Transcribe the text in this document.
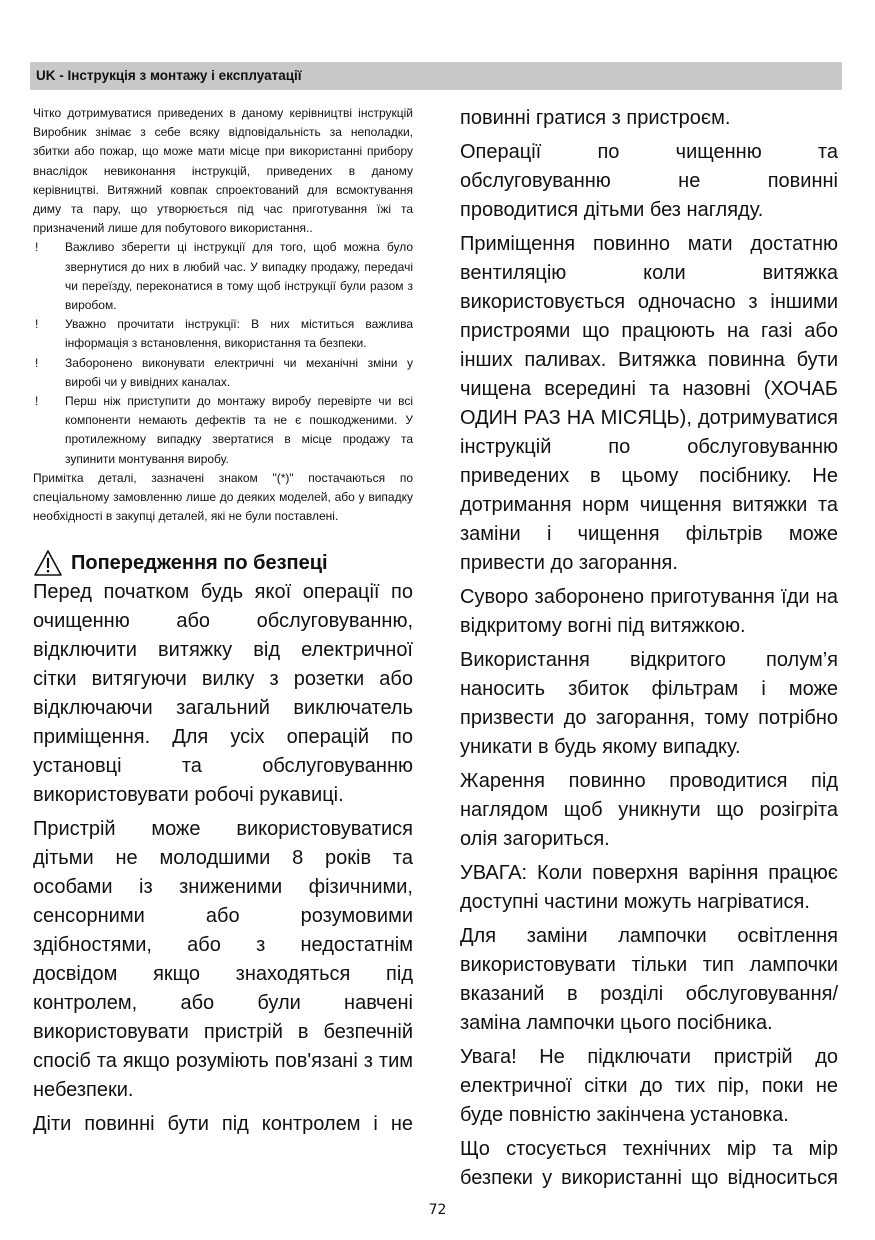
UK - Інструкція з монтажу і експлуатації

Чітко дотримуватися приведених в даному керівництві інструкцій Виробник знімає з себе всяку відповідальність за неполадки, збитки або пожар, що може мати місце при використанні прибору внаслідок невиконання інструкцій, приведених в даному керівництві. Витяжний ковпак спроектований для всмоктування диму та пару, що утворюється під час приготування їжі та призначений лише для побутового використання..

! Важливо зберегти ці інструкції для того, щоб можна було звернутися до них в любий час. У випадку продажу, передачі чи переїзду, переконатися в тому щоб інструкції були разом з виробом.
! Уважно прочитати інструкції: В них міститься важлива інформація з встановлення, використання та безпеки.
! Заборонено виконувати електричні чи механічні зміни у виробі чи у вивідних каналах.
! Перш ніж приступити до монтажу виробу перевірте чи всі компоненти немають дефектів та не є пошкодженими. У протилежному випадку звертатися в місце продажу та зупинити монтування виробу.

Примітка деталі, зазначені знаком "(*)" постачаються по спеціальному замовленню лише до деяких моделей, або у випадку необхідності в закупці деталей, які не були поставлені.

Попередження по безпеці

Перед початком будь якої операції по очищенню або обслуговуванню, відключити витяжку від електричної сітки витягуючи вилку з розетки або відключаючи загальний виключатель приміщення. Для усіх операцій по установці та обслуговуванню використовувати робочі рукавиці.

Пристрій може використовуватися дітьми не молодшими 8 років та особами із зниженими фізичними, сенсорними або розумовими здібностями, або з недостатнім досвідом якщо знаходяться під контролем, або були навчені використовувати пристрій в безпечній спосіб та якщо розуміють пов'язані з тим небезпеки.

Діти повинні бути під контролем і не

повинні гратися з пристроєм.

Операції по чищенню та обслуговуванню не повинні проводитися дітьми без нагляду.

Приміщення повинно мати достатню вентиляцію коли витяжка використовується одночасно з іншими пристроями що працюють на газі або інших паливах. Витяжка повинна бути чищена всередині та назовні (ХОЧАБ ОДИН РАЗ НА МІСЯЦЬ), дотримуватися інструкцій по обслуговуванню приведених в цьому посібнику. Не дотримання норм чищення витяжки та заміни і чищення фільтрів може привести до загорання.

Суворо заборонено приготування їди на відкритому вогні під витяжкою.

Використання відкритого полум’я наносить збиток фільтрам і може призвести до загорання, тому потрібно уникати в будь якому випадку.

Жарення повинно проводитися під наглядом щоб уникнути що розігріта олія загориться.

УВАГА: Коли поверхня варіння працює доступні частини можуть нагріватися.

Для заміни лампочки освітлення використовувати тільки тип лампочки вказаний в розділі обслуговування/заміна лампочки цього посібника.

Увага! Не підключати пристрій до електричної сітки до тих пір, поки не буде повністю закінчена установка.

Що стосується технічних мір та мір безпеки у використанні що відноситься

72
